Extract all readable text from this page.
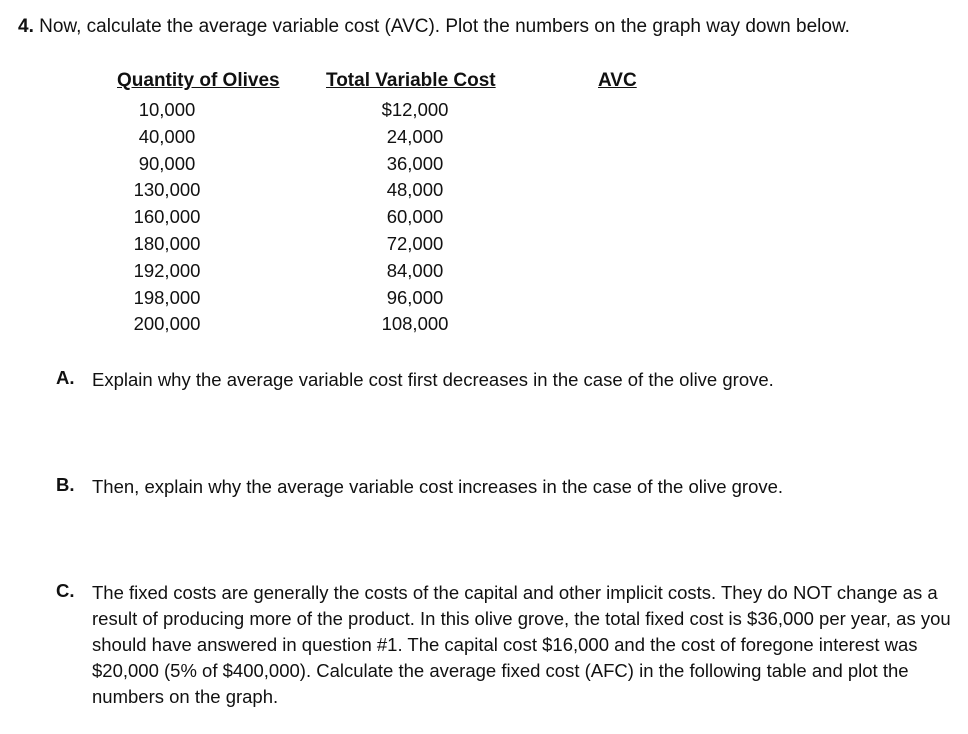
4. Now, calculate the average variable cost (AVC). Plot the numbers on the graph way down below.
Quantity of Olives Total Variable Cost	AVC
10,000
40,000
90,000
130,000
160,000
180,000
192,000
198,000
200,000
$12,000
24,000
36,000
48,000
60,000
72,000
84,000
96,000
108,000
A. Explain why the average variable cost first decreases in the case of the olive grove.
B. Then, explain why the average variable cost increases in the case of the olive grove.
C. The fixed costs are generally the costs of the capital and other implicit costs. They do NOT change as a result of producing more of the product. In this olive grove, the total fixed cost is $36,000 per year, as you should have answered in question #1. The capital cost $16,000 and the cost of foregone interest was $20,000 (5% of $400,000). Calculate the average fixed cost (AFC) in the following table and plot the numbers on the graph.
